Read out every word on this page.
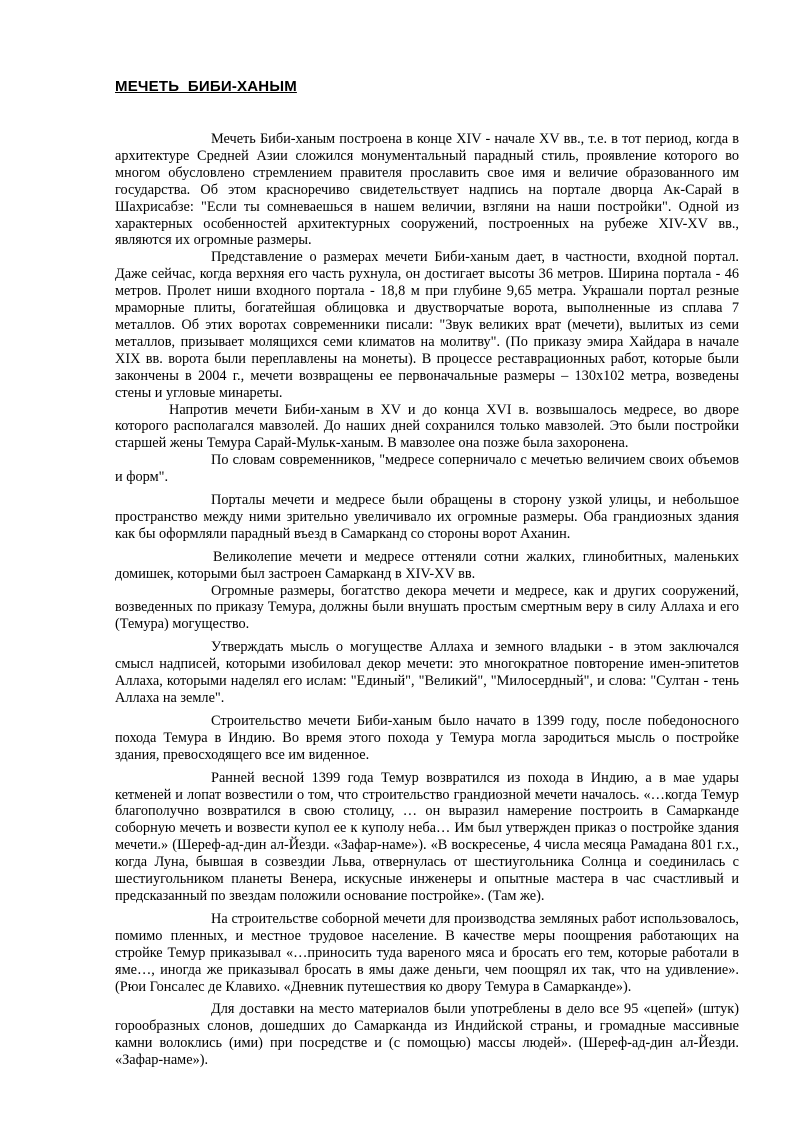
МЕЧЕТЬ  БИБИ-ХАНЫМ

Мечеть Биби-ханым построена в конце XIV - начале XV вв., т.е. в тот период, когда в архитектуре Средней Азии сложился монументальный парадный стиль, проявление которого во многом обусловлено стремлением правителя прославить свое имя и величие образованного им государства. Об этом красноречиво свидетельствует надпись на портале дворца Ак-Сарай в Шахрисабзе: "Если ты сомневаешься в нашем величии, взгляни на наши постройки". Одной из характерных особенностей архитектурных сооружений, построенных на рубеже XIV-XV вв., являются их огромные размеры.

Представление о размерах мечети Биби-ханым дает, в частности, входной портал. Даже сейчас, когда верхняя его часть рухнула, он достигает высоты 36 метров. Ширина портала - 46 метров. Пролет ниши входного портала - 18,8 м при глубине 9,65 метра. Украшали портал резные мраморные плиты, богатейшая облицовка и двустворчатые ворота, выполненные из сплава 7 металлов. Об этих воротах современники писали: "Звук великих врат (мечети), вылитых из семи металлов, призывает молящихся семи климатов на молитву". (По приказу эмира Хайдара в начале XIX вв. ворота были переплавлены на монеты). В процессе реставрационных работ, которые были закончены в 2004 г., мечети возвращены ее первоначальные размеры – 130х102 метра, возведены стены и угловые минареты.

Напротив мечети Биби-ханым в XV и до конца XVI в. возвышалось медресе, во дворе которого располагался мавзолей. До наших дней сохранился только мавзолей. Это были постройки старшей жены Темура Сарай-Мульк-ханым. В мавзолее она позже была захоронена.

По словам современников, "медресе соперничало с мечетью величием своих объемов и форм".

Порталы мечети и медресе были обращены в сторону узкой улицы, и небольшое пространство между ними зрительно увеличивало их огромные размеры. Оба грандиозных здания как бы оформляли парадный въезд в Самарканд со стороны ворот Аханин.

Великолепие мечети и медресе оттеняли сотни жалких, глинобитных, маленьких домишек, которыми был застроен Самарканд в XIV-XV вв.

Огромные размеры, богатство декора мечети и медресе, как и других сооружений, возведенных по приказу Темура, должны были внушать простым смертным веру в силу Аллаха и его (Темура) могущество.

Утверждать мысль о могуществе Аллаха и земного владыки - в этом заключался смысл надписей, которыми изобиловал декор мечети: это многократное повторение имен-эпитетов Аллаха, которыми наделял его ислам: "Единый", "Великий", "Милосердный", и слова: "Султан - тень Аллаха на земле".

Строительство мечети Биби-ханым было начато в 1399 году, после победоносного похода Темура в Индию. Во время этого похода у Темура могла зародиться мысль о постройке здания, превосходящего все им виденное.

Ранней весной 1399 года Темур возвратился из похода в Индию, а в мае удары кетменей и лопат возвестили о том, что строительство грандиозной мечети началось. «…когда Темур благополучно возвратился в свою столицу, … он выразил намерение построить в Самарканде соборную мечеть и возвести купол ее к куполу неба… Им был утвержден приказ о постройке здания мечети.» (Шереф-ад-дин ал-Йезди. «Зафар-наме»). «В воскресенье, 4 числа месяца Рамадана 801 г.х., когда Луна, бывшая в созвездии Льва, отвернулась от шестиугольника Солнца и соединилась с шестиугольником планеты Венера, искусные инженеры и опытные мастера в час счастливый и предсказанный по звездам положили основание постройке». (Там же).

На строительстве соборной мечети для производства земляных работ использовалось, помимо пленных, и местное трудовое население. В качестве меры поощрения работающих на стройке Темур приказывал «…приносить туда вареного мяса и бросать его тем, которые работали в яме…, иногда же приказывал бросать в ямы даже деньги, чем поощрял их так, что на удивление». (Рюи Гонсалес де Клавихо. «Дневник путешествия ко двору Темура в Самарканде»).

Для доставки на место материалов были употреблены в дело все 95 «цепей» (штук) горообразных слонов, дошедших до Самарканда из Индийской страны, и громадные массивные камни волоклись (ими) при посредстве и (с помощью) массы людей». (Шереф-ад-дин ал-Йезди. «Зафар-наме»).
